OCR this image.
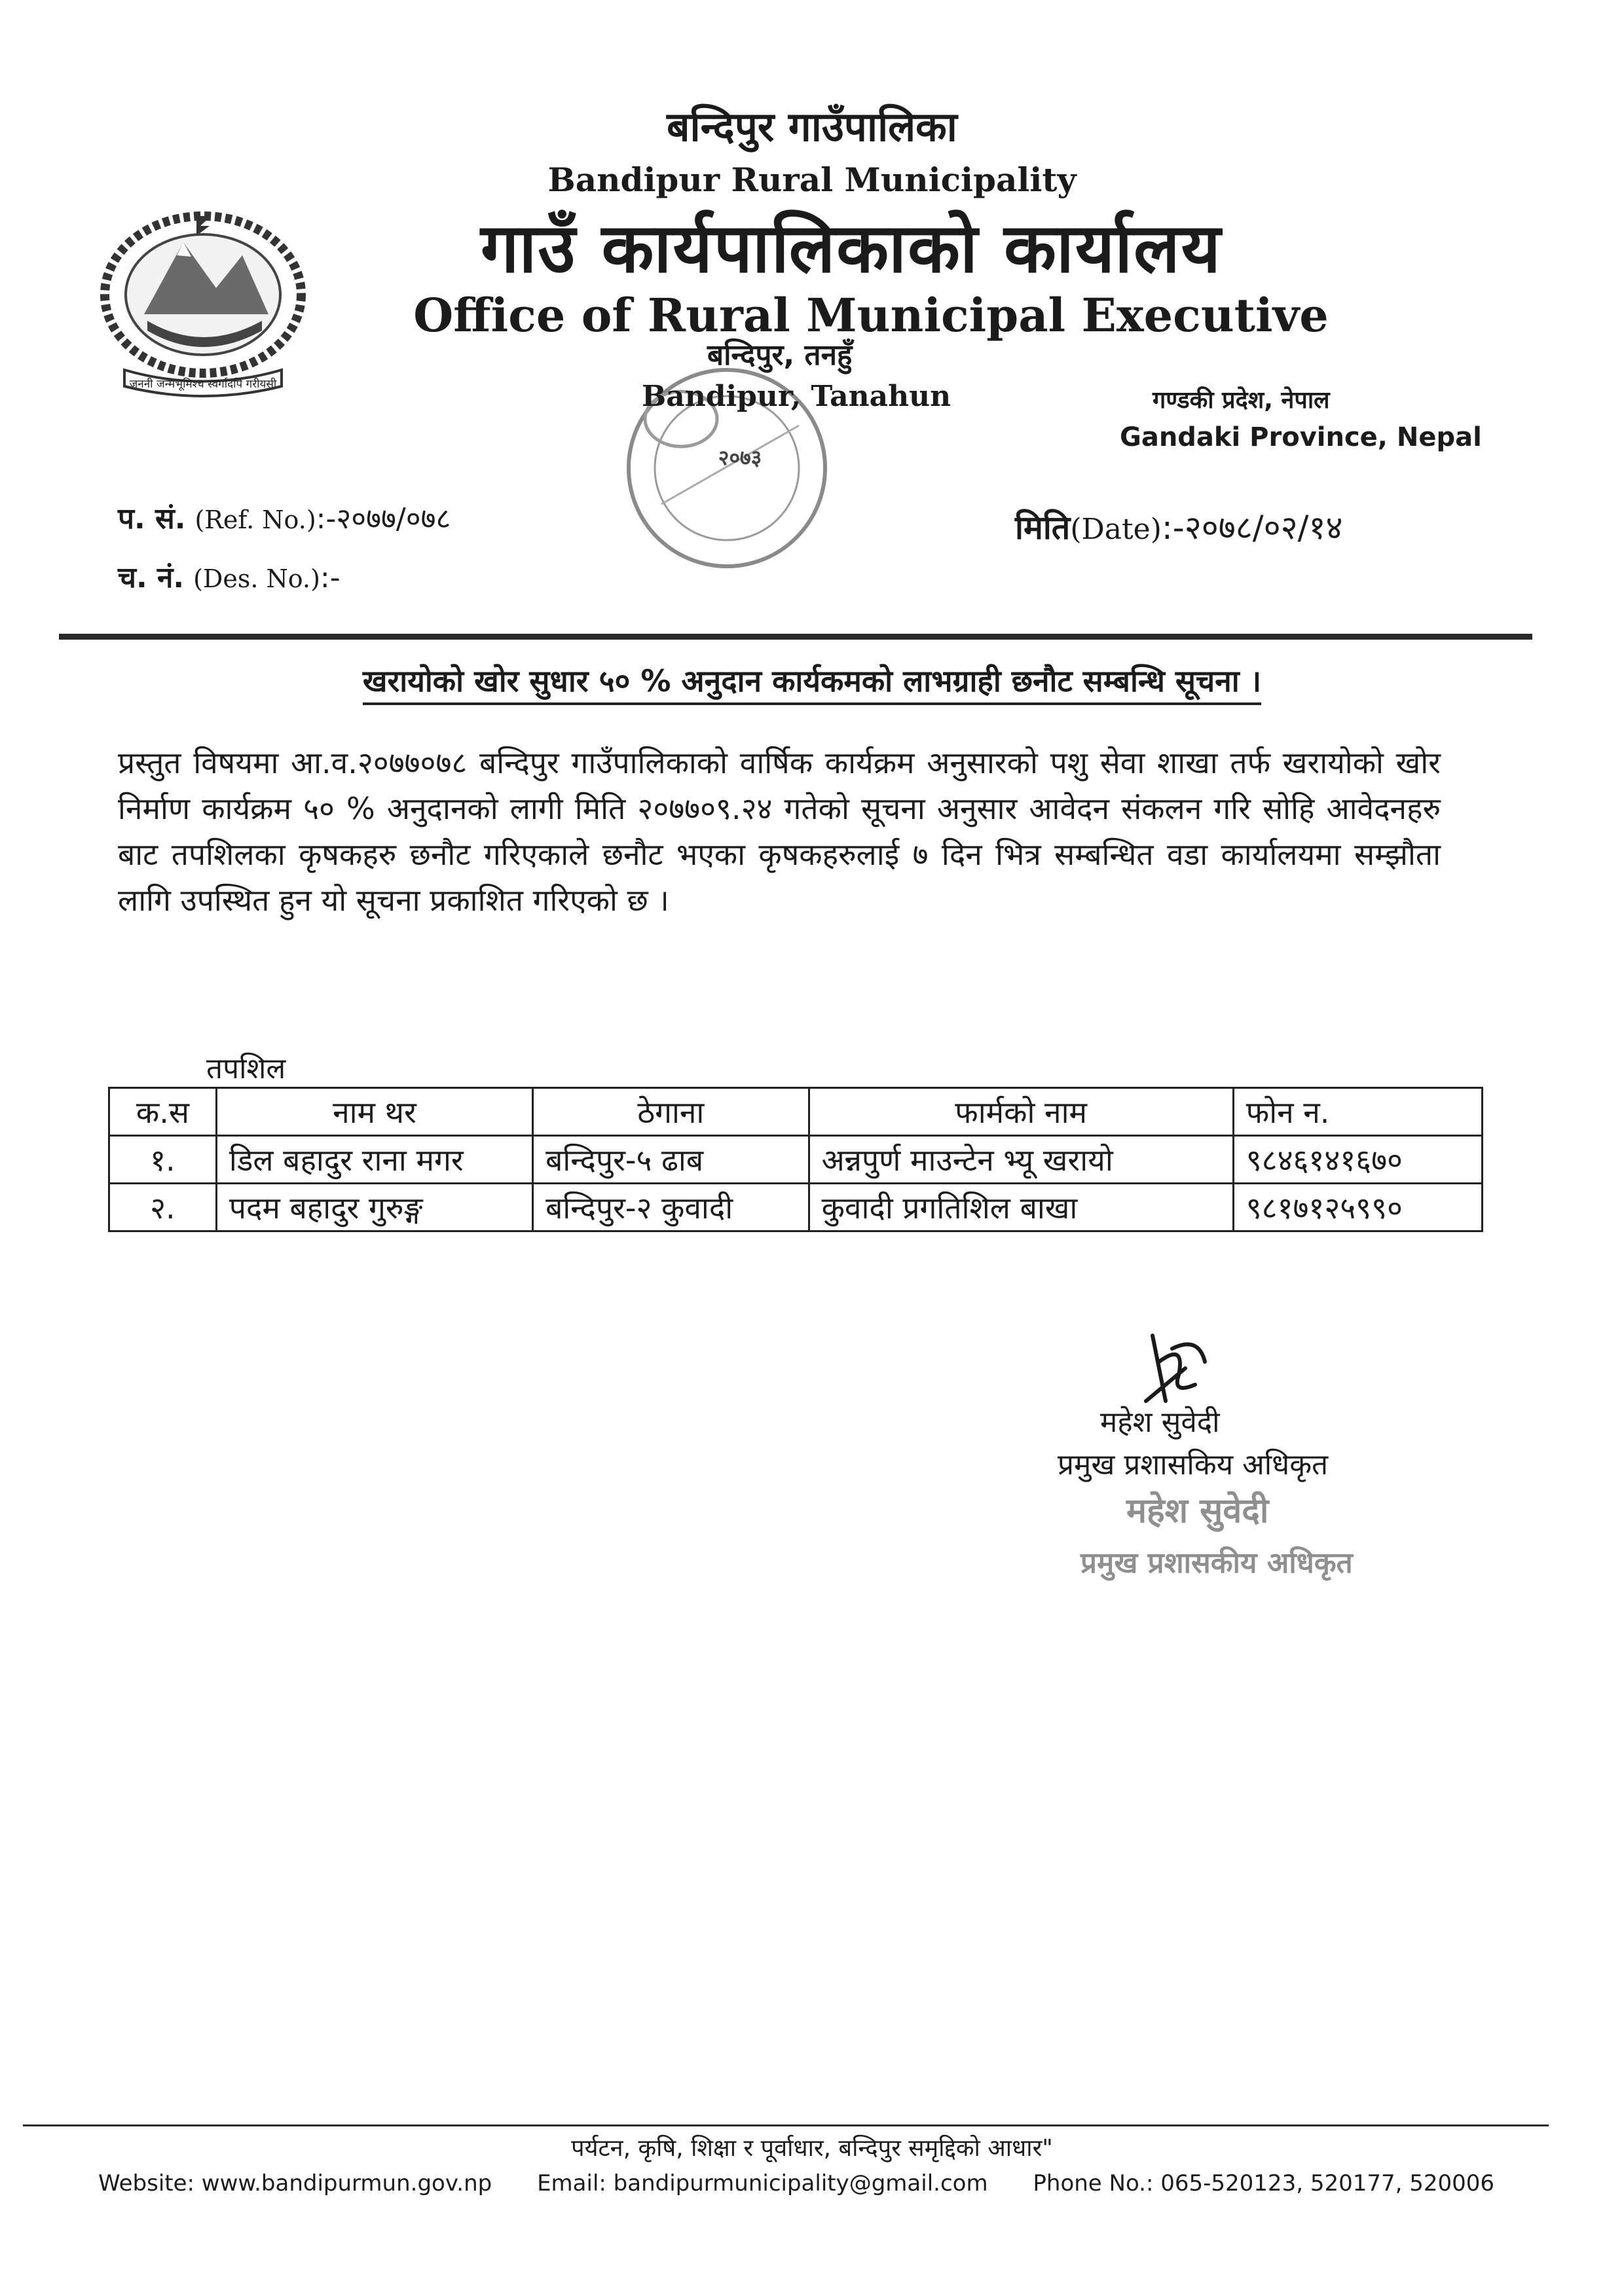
जननी जन्मभूमिश्च स्वर्गादपि गरीयसी
२०७३
बन्दिपुर गाउँपालिका
Bandipur Rural Municipality
गाउँ कार्यपालिकाको कार्यालय
Office of Rural Municipal Executive
बन्दिपुर, तनहुँ
Bandipur, Tanahun	गण्डकी प्रदेश, नेपाल
Gandaki Province, Nepal
प. सं. (Ref. No.):-२०७७/०७८
च. नं. (Des. No.):-
मिति(Date):-२०७८/०२/१४
खरायोको खोर सुधार ५० % अनुदान कार्यकमको लाभग्राही छनौट सम्बन्धि सूचना ।
प्रस्तुत विषयमा आ.व.२०७७०७८ बन्दिपुर गाउँपालिकाको वार्षिक कार्यक्रम अनुसारको पशु सेवा शाखा तर्फ खरायोको खोर निर्माण कार्यक्रम ५० % अनुदानको लागी मिति २०७७०९.२४ गतेको सूचना अनुसार आवेदन संकलन गरि सोहि आवेदनहरु बाट तपशिलका कृषकहरु छनौट गरिएकाले छनौट भएका कृषकहरुलाई ७ दिन भित्र सम्बन्धित वडा कार्यालयमा सम्झौता लागि उपस्थित हुन यो सूचना प्रकाशित गरिएको छ ।
तपशिल
क.स	नाम थर	ठेगाना	फार्मको नाम	फोन न.
१.	डिल बहादुर राना मगर	बन्दिपुर-५ ढाब	अन्नपुर्ण माउन्टेन भ्यू खरायो	९८४६१४१६७०
२.	पदम बहादुर गुरुङ्ग	बन्दिपुर-२ कुवादी	कुवादी प्रगतिशिल बाखा	९८१७१२५९९०
महेश सुवेदी
प्रमुख प्रशासकिय अधिकृत
महेश सुवेदी
प्रमुख प्रशासकीय अधिकृत
पर्यटन, कृषि, शिक्षा र पूर्वाधार, बन्दिपुर समृद्दिको आधार"
Website: www.bandipurmun.gov.np Email: bandipurmunicipality@gmail.com Phone No.: 065-520123, 520177, 520006
